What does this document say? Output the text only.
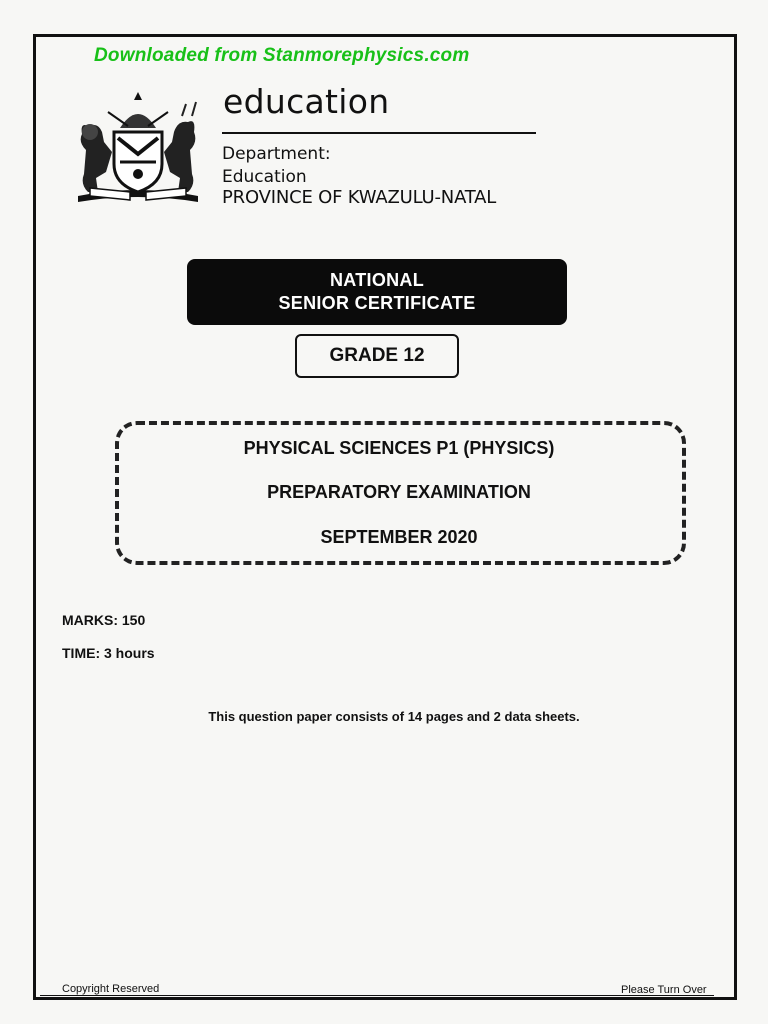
Downloaded from Stanmorephysics.com
education
Department:
Education
PROVINCE OF KWAZULU-NATAL
NATIONAL
SENIOR CERTIFICATE
GRADE 12
PHYSICAL SCIENCES P1 (PHYSICS)
PREPARATORY EXAMINATION
SEPTEMBER 2020
MARKS: 150
TIME: 3 hours
This question paper consists of 14 pages and 2 data sheets.
Copyright Reserved	Please Turn Over
